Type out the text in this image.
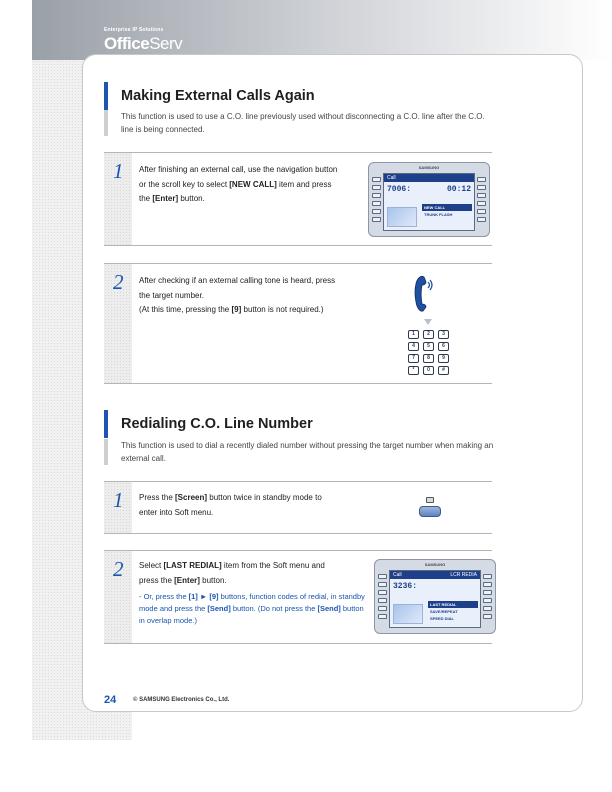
Enterprise IP Solutions
OfficeServ
Making External Calls Again
This function is used to use a C.O. line previously used without disconnecting a C.O. line after the C.O. line is being connected.
1 After finishing an external call, use the navigation button or the scroll key to select [NEW CALL] item and press the [Enter] button.
SAMSUNG
Call
7006:	00:12
NEW CALL
TRUNK FLASH
2 After checking if an external calling tone is heard, press the target number.
(At this time, pressing the [9] button is not required.)
1	2	3
4	5	6
7	8	9
*	0	#
Redialing C.O. Line Number
This function is used to dial a recently dialed number without pressing the target number when making an external call.
1 Press the [Screen] button twice in standby mode to enter into Soft menu.
2 Select [LAST REDIAL] item from the Soft menu and press the [Enter] button.
- Or, press the [1] ► [9] buttons, function codes of redial, in standby mode and press the [Send] button. (Do not press the [Send] button in overlap mode.)
SAMSUNG
Call	LCR REDIA
3236:
LAST REDIAL
SAVE/REPEAT
SPEED DIAL
24	© SAMSUNG Electronics Co., Ltd.
